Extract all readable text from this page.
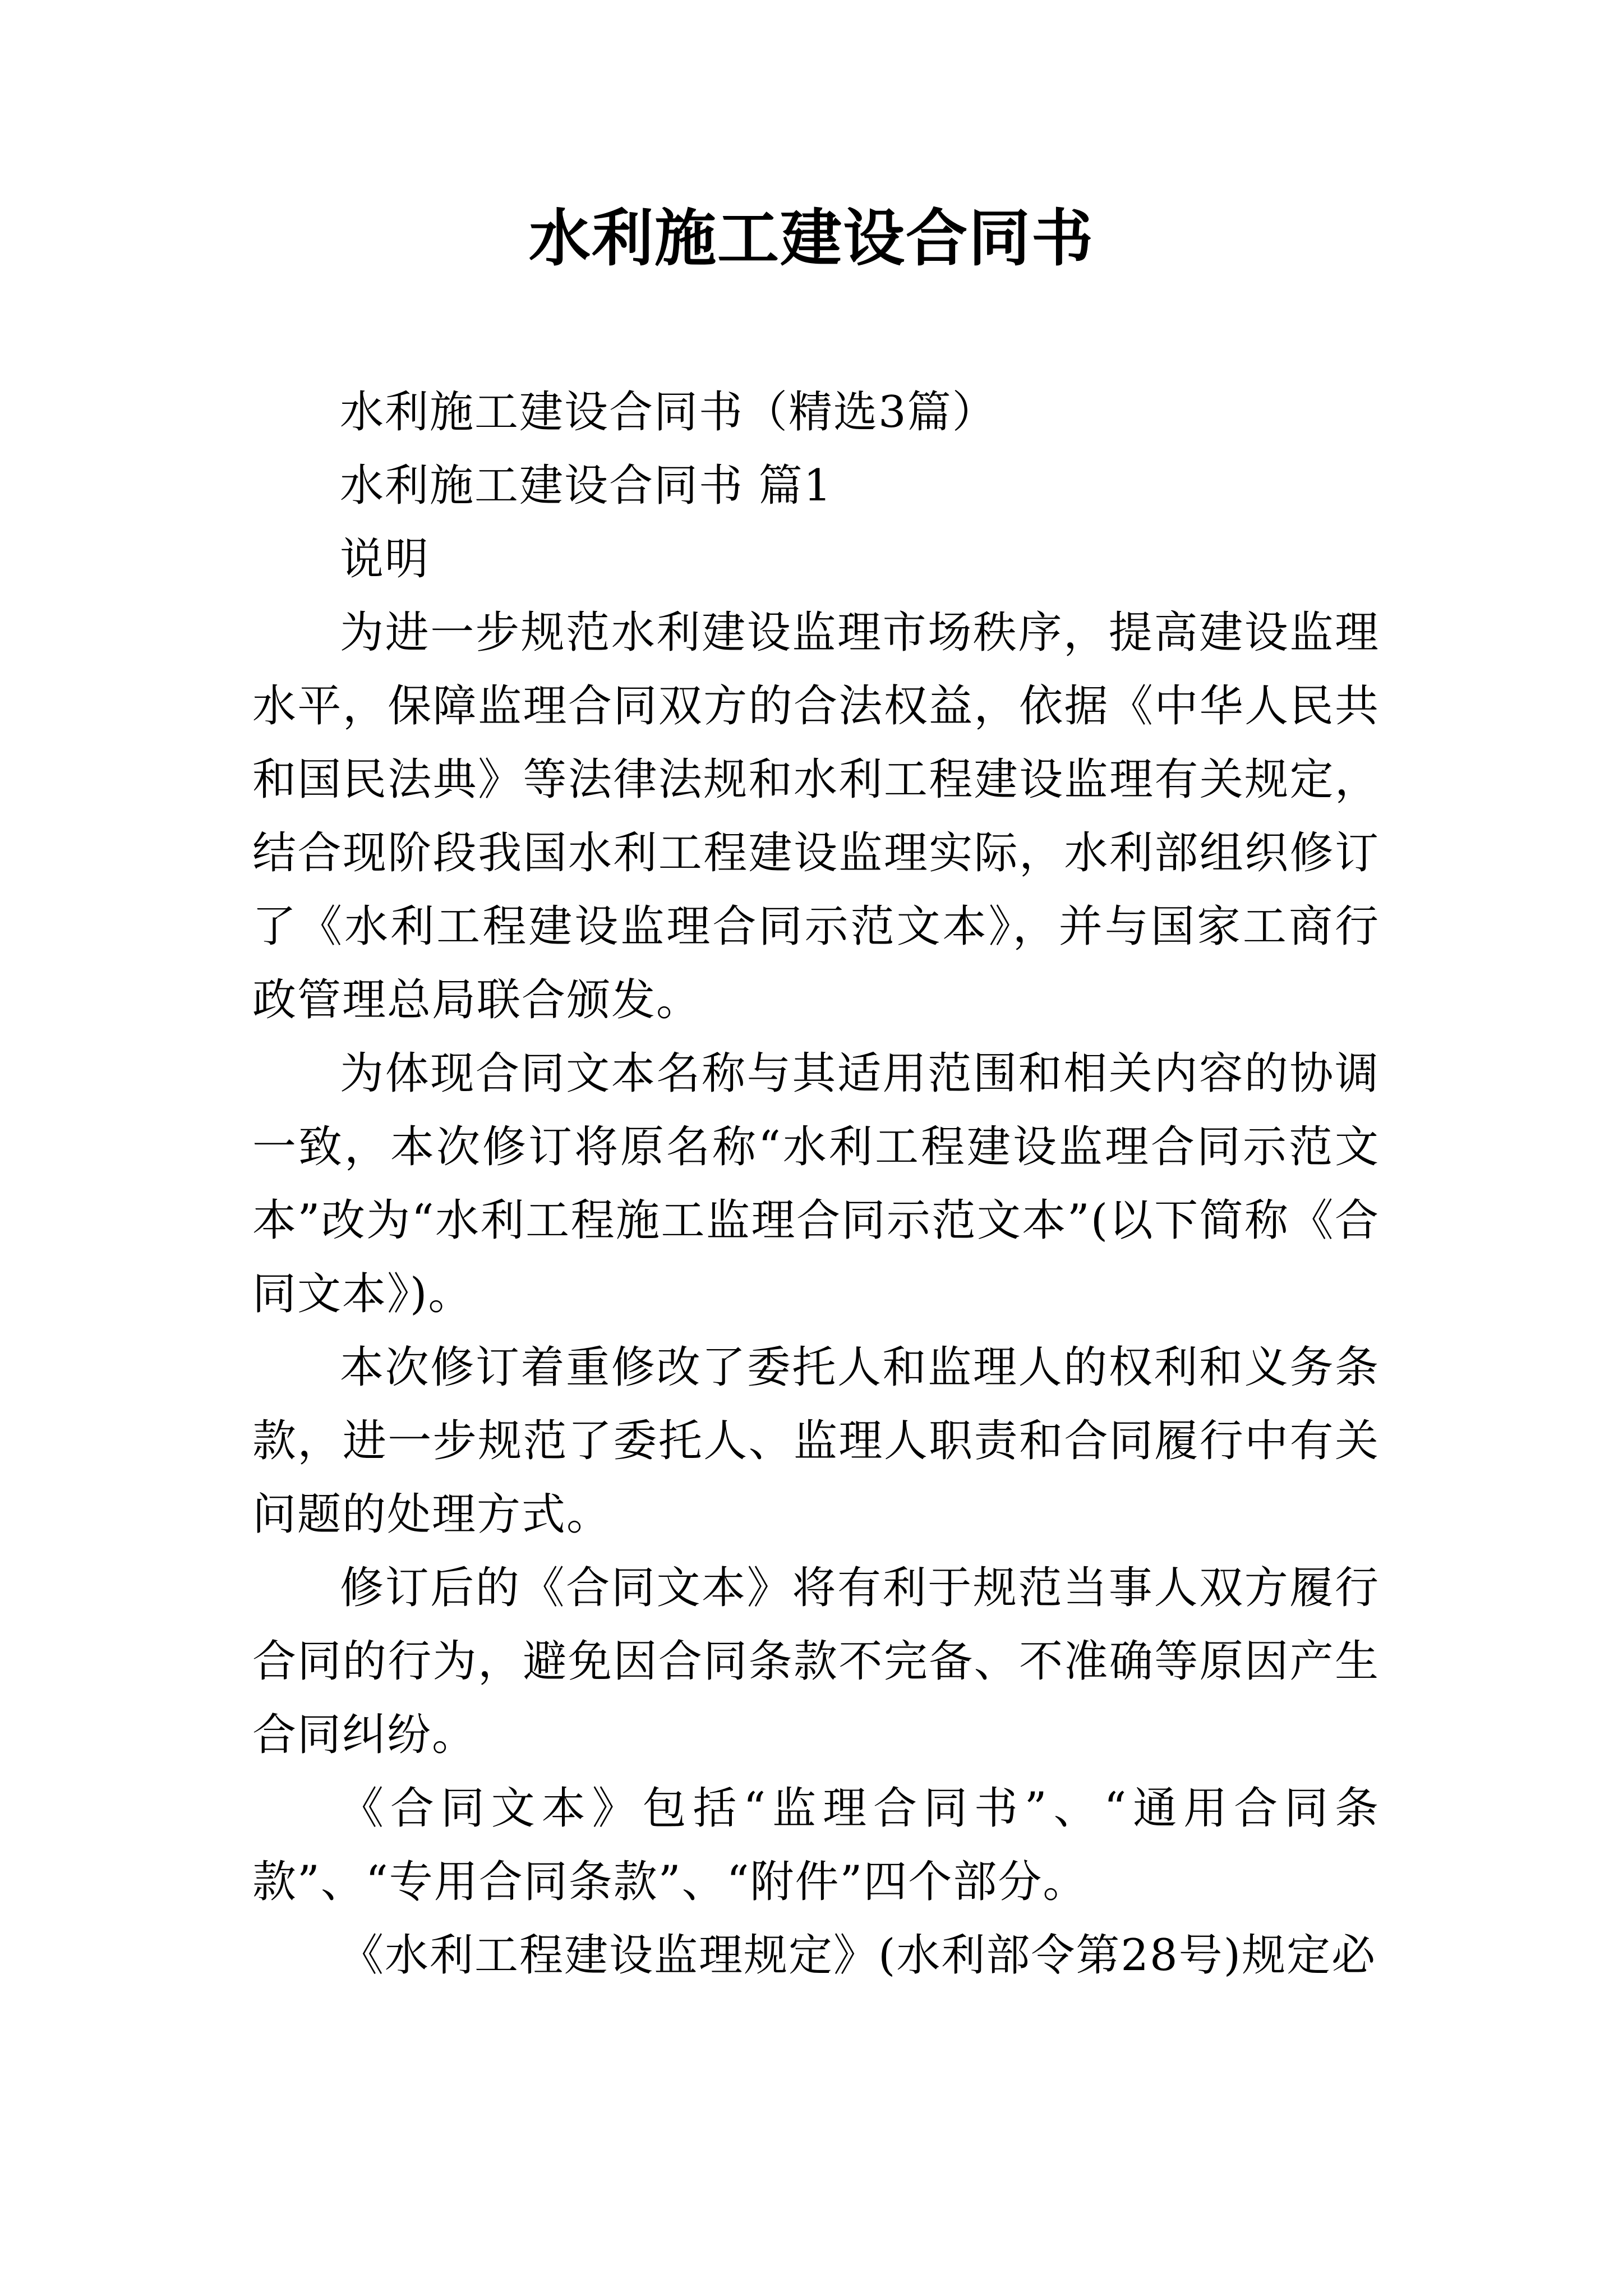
水利施工建设合同书

水利施工建设合同书（精选3篇）

水利施工建设合同书 篇1

说明

为进一步规范水利建设监理市场秩序，提高建设监理水平，保障监理合同双方的合法权益，依据《中华人民共和国民法典》等法律法规和水利工程建设监理有关规定，结合现阶段我国水利工程建设监理实际，水利部组织修订了《水利工程建设监理合同示范文本》，并与国家工商行政管理总局联合颁发。

为体现合同文本名称与其适用范围和相关内容的协调一致，本次修订将原名称“水利工程建设监理合同示范文本”改为“水利工程施工监理合同示范文本”(以下简称《合同文本》)。

本次修订着重修改了委托人和监理人的权利和义务条款，进一步规范了委托人、监理人职责和合同履行中有关问题的处理方式。

修订后的《合同文本》将有利于规范当事人双方履行合同的行为，避免因合同条款不完备、不准确等原因产生合同纠纷。

《合同文本》包括“监理合同书”、“通用合同条款”、“专用合同条款”、“附件”四个部分。

《水利工程建设监理规定》(水利部令第28号)规定必
